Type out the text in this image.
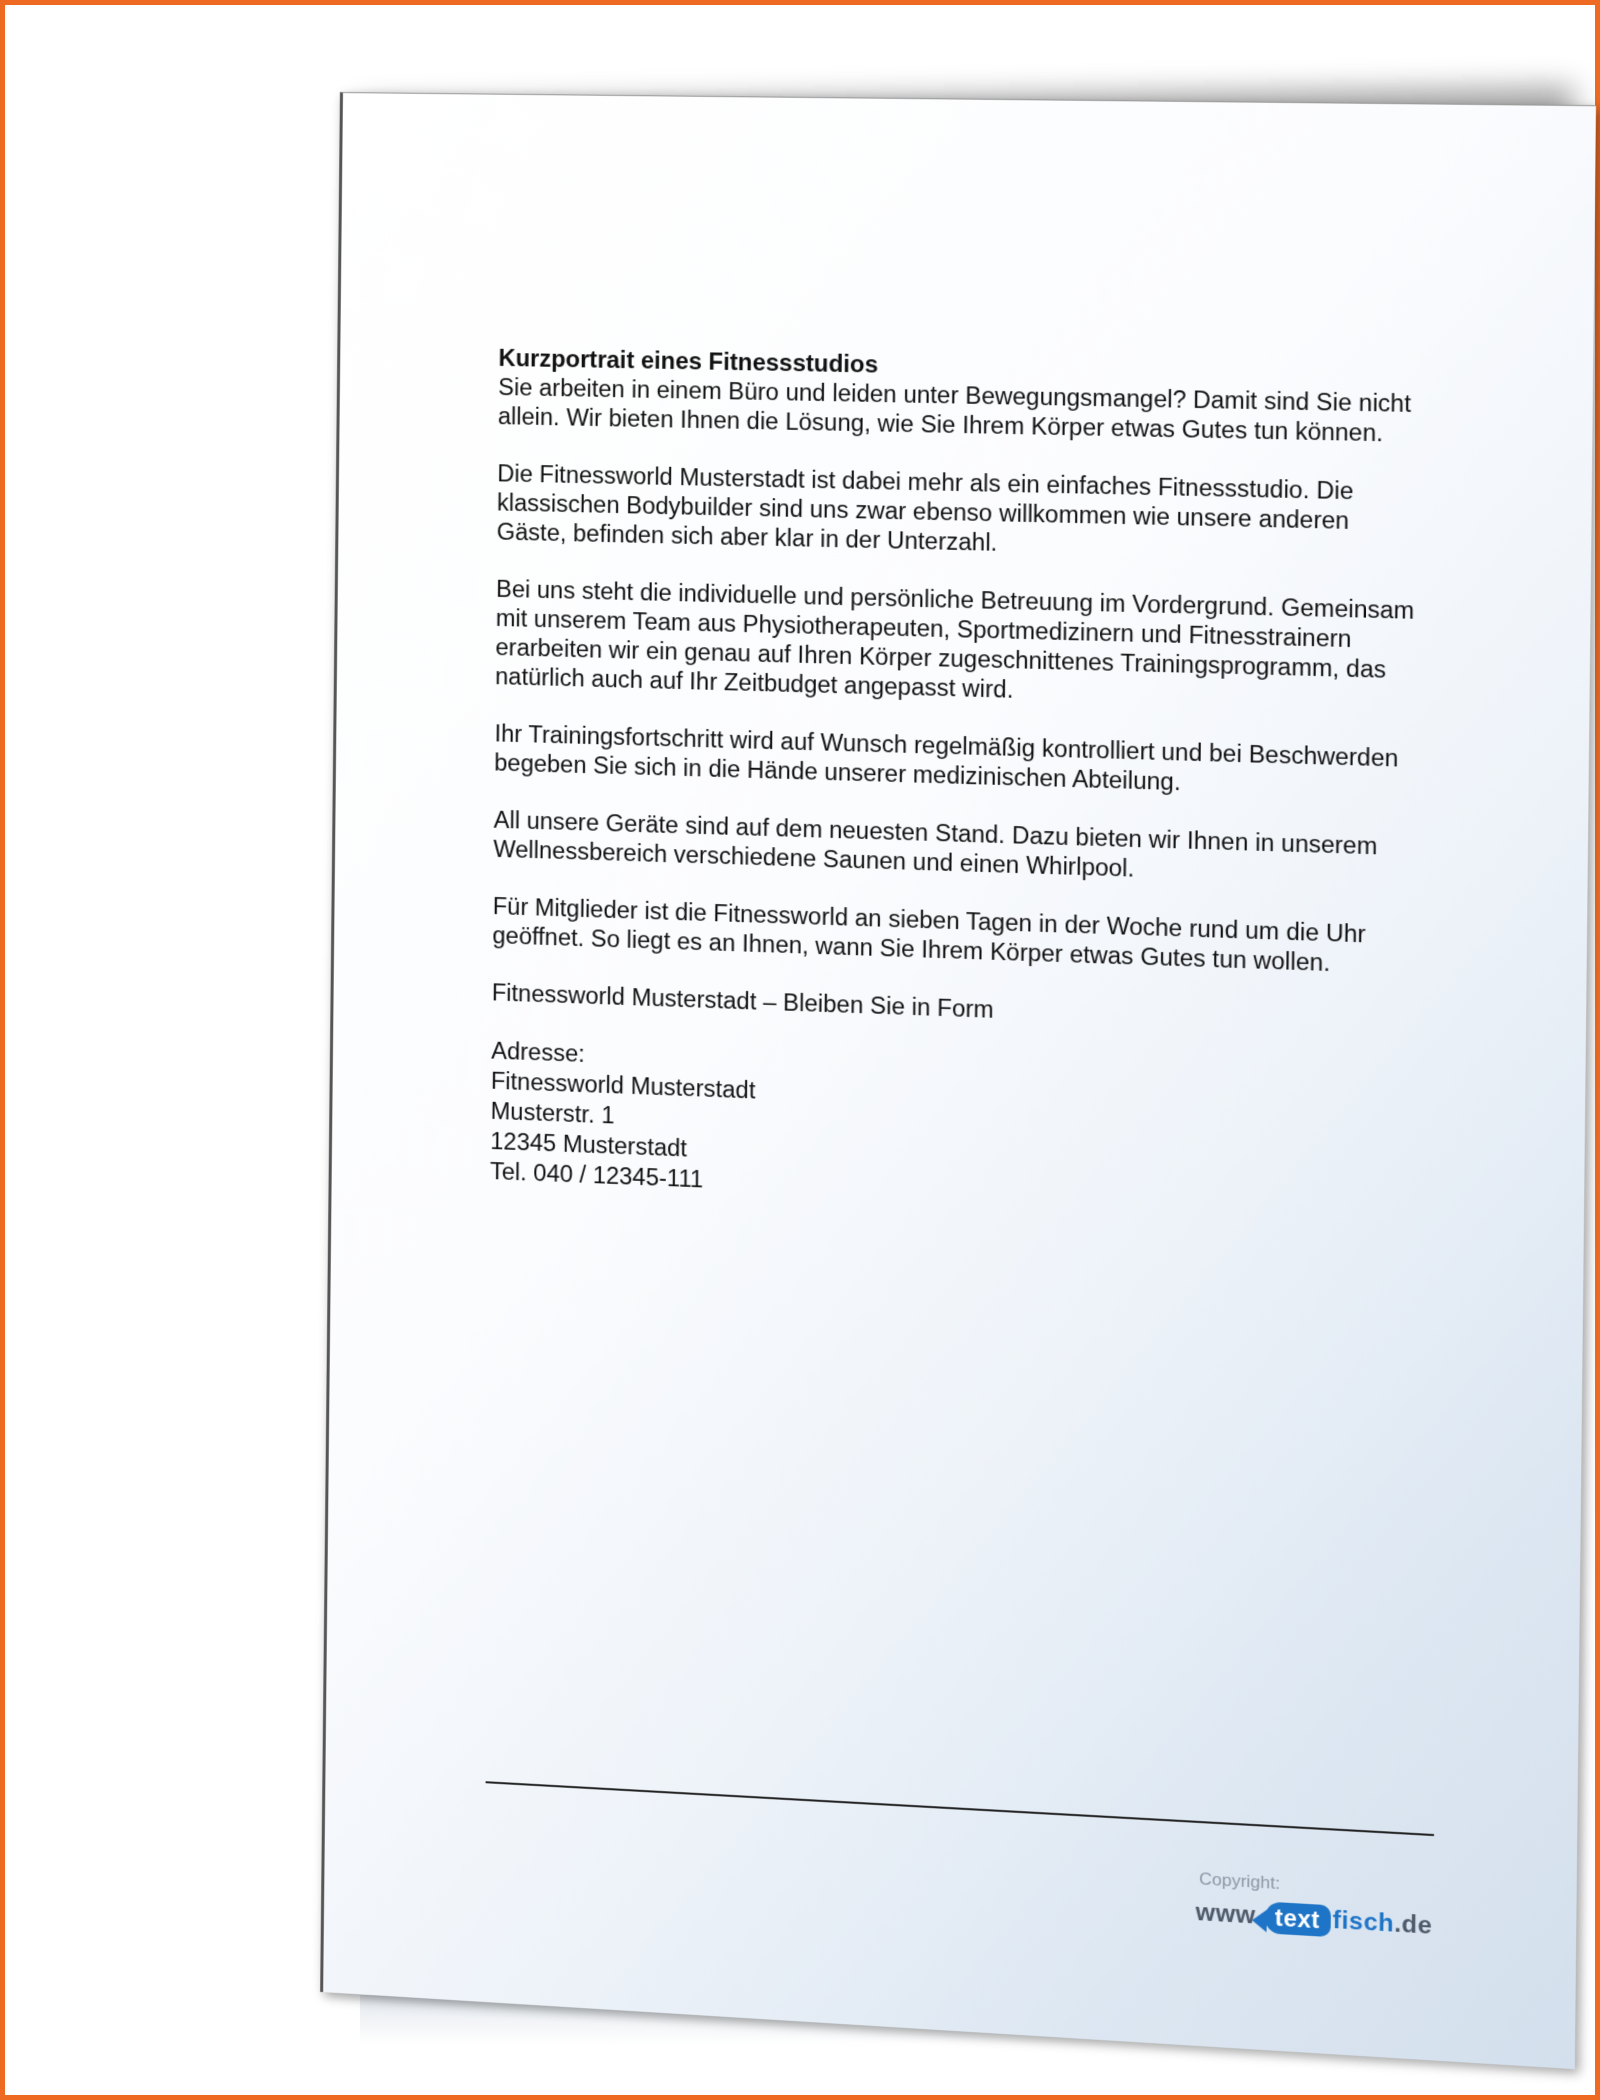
Kurzportrait eines Fitnessstudios

Sie arbeiten in einem Büro und leiden unter Bewegungsmangel? Damit sind Sie nicht allein. Wir bieten Ihnen die Lösung, wie Sie Ihrem Körper etwas Gutes tun können.

Die Fitnessworld Musterstadt ist dabei mehr als ein einfaches Fitnessstudio. Die klassischen Bodybuilder sind uns zwar ebenso willkommen wie unsere anderen Gäste, befinden sich aber klar in der Unterzahl.

Bei uns steht die individuelle und persönliche Betreuung im Vordergrund. Gemeinsam mit unserem Team aus Physiotherapeuten, Sportmedizinern und Fitnesstrainern erarbeiten wir ein genau auf Ihren Körper zugeschnittenes Trainingsprogramm, das natürlich auch auf Ihr Zeitbudget angepasst wird.

Ihr Trainingsfortschritt wird auf Wunsch regelmäßig kontrolliert und bei Beschwerden begeben Sie sich in die Hände unserer medizinischen Abteilung.

All unsere Geräte sind auf dem neuesten Stand. Dazu bieten wir Ihnen in unserem Wellnessbereich verschiedene Saunen und einen Whirlpool.

Für Mitglieder ist die Fitnessworld an sieben Tagen in der Woche rund um die Uhr geöffnet. So liegt es an Ihnen, wann Sie Ihrem Körper etwas Gutes tun wollen.

Fitnessworld Musterstadt – Bleiben Sie in Form

Adresse:
Fitnessworld Musterstadt
Musterstr. 1
12345 Musterstadt
Tel. 040 / 12345-111
Copyright:
www. text fisch .de
